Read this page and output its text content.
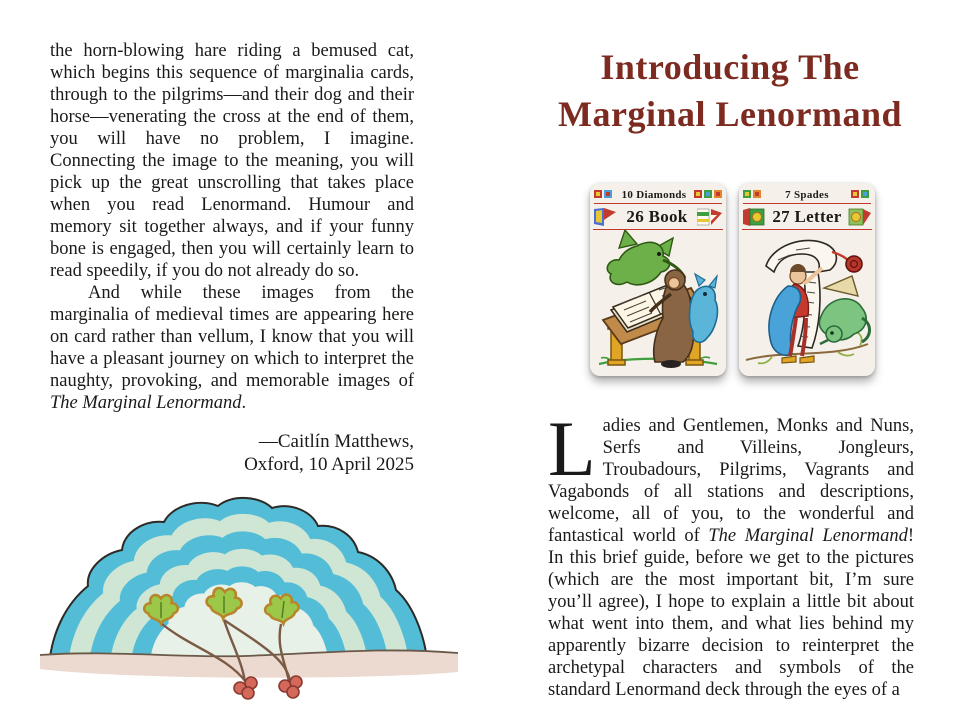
the horn-blowing hare riding a bemused cat, which begins this sequence of marginalia cards, through to the pilgrims—and their dog and their horse—venerating the cross at the end of them, you will have no problem, I imagine. Connecting the image to the meaning, you will pick up the great unscrolling that takes place when you read Lenormand. Humour and memory sit together always, and if your funny bone is engaged, then you will certainly learn to read speedily, if you do not already do so.

And while these images from the marginalia of medieval times are appearing here on card rather than vellum, I know that you will have a pleasant journey on which to interpret the naughty, provoking, and memorable images of The Marginal Lenormand.

—Caitlín Matthews,
Oxford, 10 April 2025
Introducing The
Marginal Lenormand
10 Diamonds
26 Book
7 Spades
27 Letter

Ladies and Gentlemen, Monks and Nuns, Serfs and Villeins, Jongleurs, Troubadours, Pilgrims, Vagrants and Vagabonds of all stations and descriptions, welcome, all of you, to the wonderful and fantastical world of The Marginal Lenormand! In this brief guide, before we get to the pictures (which are the most important bit, I’m sure you’ll agree), I hope to explain a little bit about what went into them, and what lies behind my apparently bizarre decision to reinterpret the archetypal characters and symbols of the standard Lenormand deck through the eyes of a
